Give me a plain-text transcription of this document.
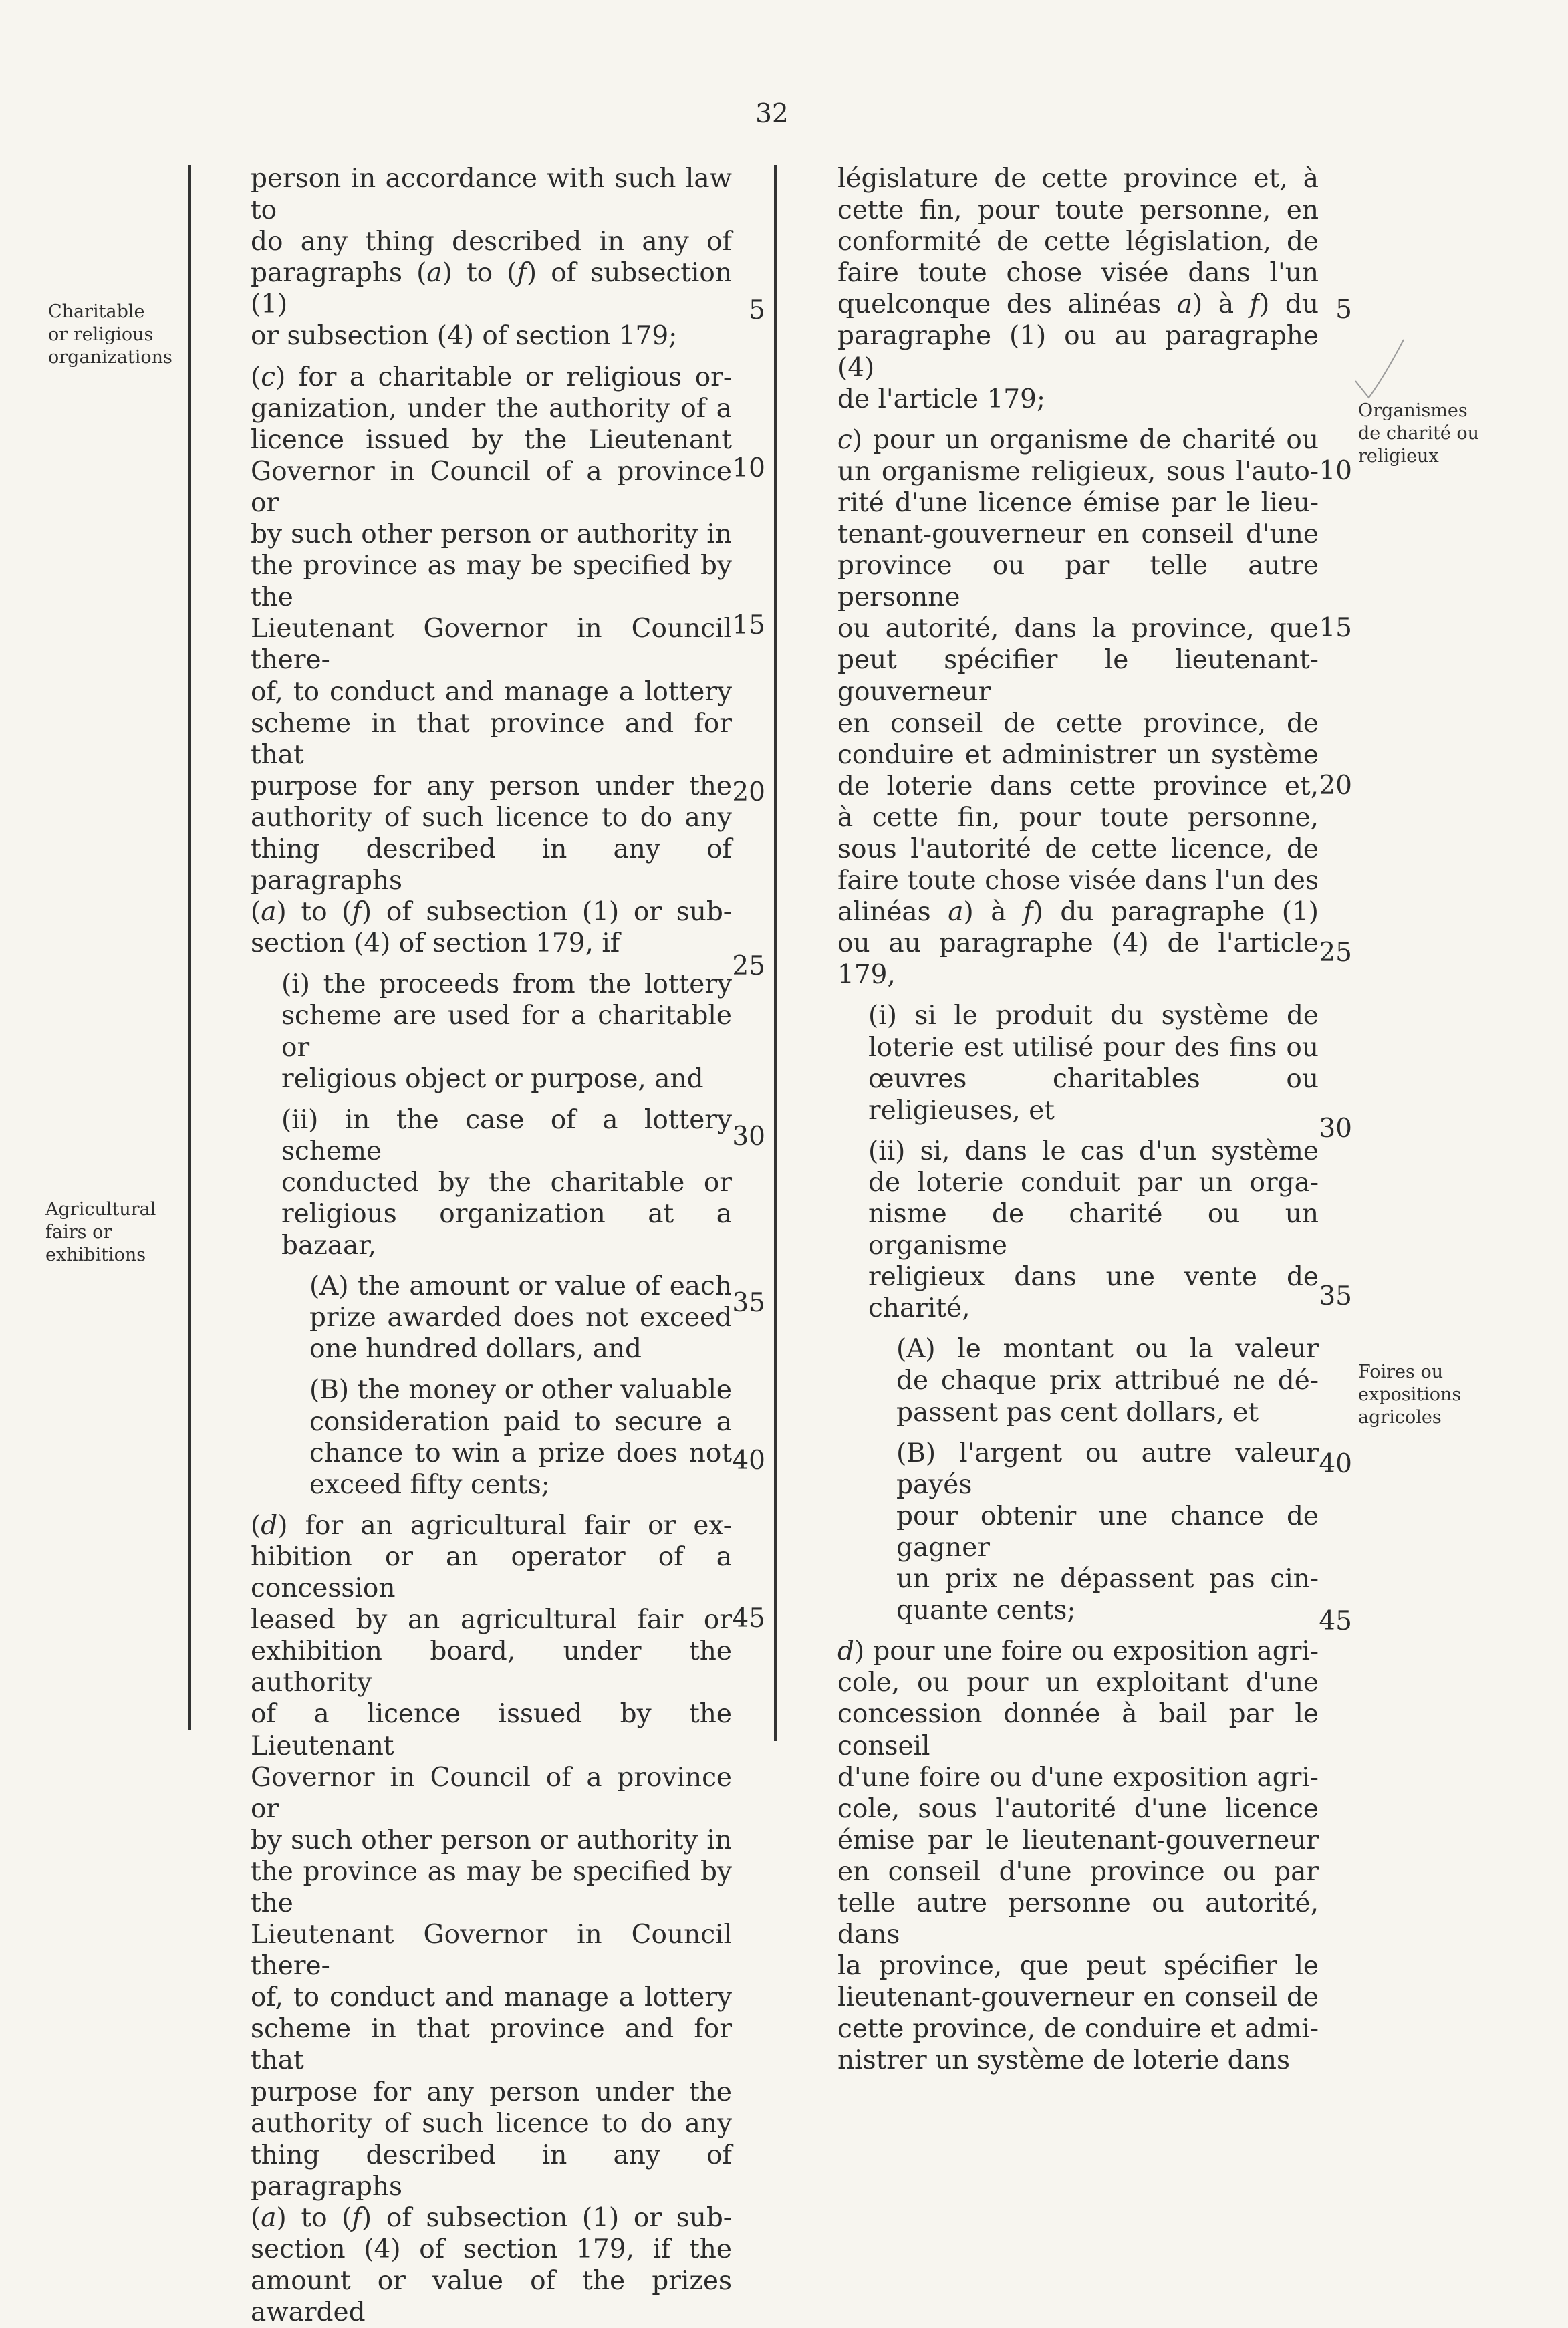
32
Charitable
or religious
organizations
Agricultural
fairs or
exhibitions
Organismes
de charité ou
religieux
Foires ou
expositions
agricoles
person in accordance with such law to
do any thing described in any of
paragraphs (a) to (f) of subsection (1)
or subsection (4) of section 179;
(c) for a charitable or religious or-
ganization, under the authority of a
licence issued by the Lieutenant
Governor in Council of a province or
by such other person or authority in
the province as may be specified by the
Lieutenant Governor in Council there-
of, to conduct and manage a lottery
scheme in that province and for that
purpose for any person under the
authority of such licence to do any
thing described in any of paragraphs
(a) to (f) of subsection (1) or sub-
section (4) of section 179, if
(i) the proceeds from the lottery
scheme are used for a charitable or
religious object or purpose, and
(ii) in the case of a lottery scheme
conducted by the charitable or
religious organization at a bazaar,
(A) the amount or value of each
prize awarded does not exceed
one hundred dollars, and
(B) the money or other valuable
consideration paid to secure a
chance to win a prize does not
exceed fifty cents;
(d) for an agricultural fair or ex-
hibition or an operator of a concession
leased by an agricultural fair or
exhibition board, under the authority
of a licence issued by the Lieutenant
Governor in Council of a province or
by such other person or authority in
the province as may be specified by the
Lieutenant Governor in Council there-
of, to conduct and manage a lottery
scheme in that province and for that
purpose for any person under the
authority of such licence to do any
thing described in any of paragraphs
(a) to (f) of subsection (1) or sub-
section (4) of section 179, if the
amount or value of the prizes awarded
législature de cette province et, à
cette fin, pour toute personne, en
conformité de cette législation, de
faire toute chose visée dans l'un
quelconque des alinéas a) à f) du
paragraphe (1) ou au paragraphe (4)
de l'article 179;
c) pour un organisme de charité ou
un organisme religieux, sous l'auto-
rité d'une licence émise par le lieu-
tenant-gouverneur en conseil d'une
province ou par telle autre personne
ou autorité, dans la province, que
peut spécifier le lieutenant-gouverneur
en conseil de cette province, de
conduire et administrer un système
de loterie dans cette province et,
à cette fin, pour toute personne,
sous l'autorité de cette licence, de
faire toute chose visée dans l'un des
alinéas a) à f) du paragraphe (1)
ou au paragraphe (4) de l'article 179,
(i) si le produit du système de
loterie est utilisé pour des fins ou
œuvres charitables ou religieuses, et
(ii) si, dans le cas d'un système
de loterie conduit par un orga-
nisme de charité ou un organisme
religieux dans une vente de charité,
(A) le montant ou la valeur
de chaque prix attribué ne dé-
passent pas cent dollars, et
(B) l'argent ou autre valeur payés
pour obtenir une chance de gagner
un prix ne dépassent pas cin-
quante cents;
d) pour une foire ou exposition agri-
cole, ou pour un exploitant d'une
concession donnée à bail par le conseil
d'une foire ou d'une exposition agri-
cole, sous l'autorité d'une licence
émise par le lieutenant-gouverneur
en conseil d'une province ou par
telle autre personne ou autorité, dans
la province, que peut spécifier le
lieutenant-gouverneur en conseil de
cette province, de conduire et admi-
nistrer un système de loterie dans
5
10
15
20
25
30
35
40
45
5
10
15
20
25
30
35
40
45
